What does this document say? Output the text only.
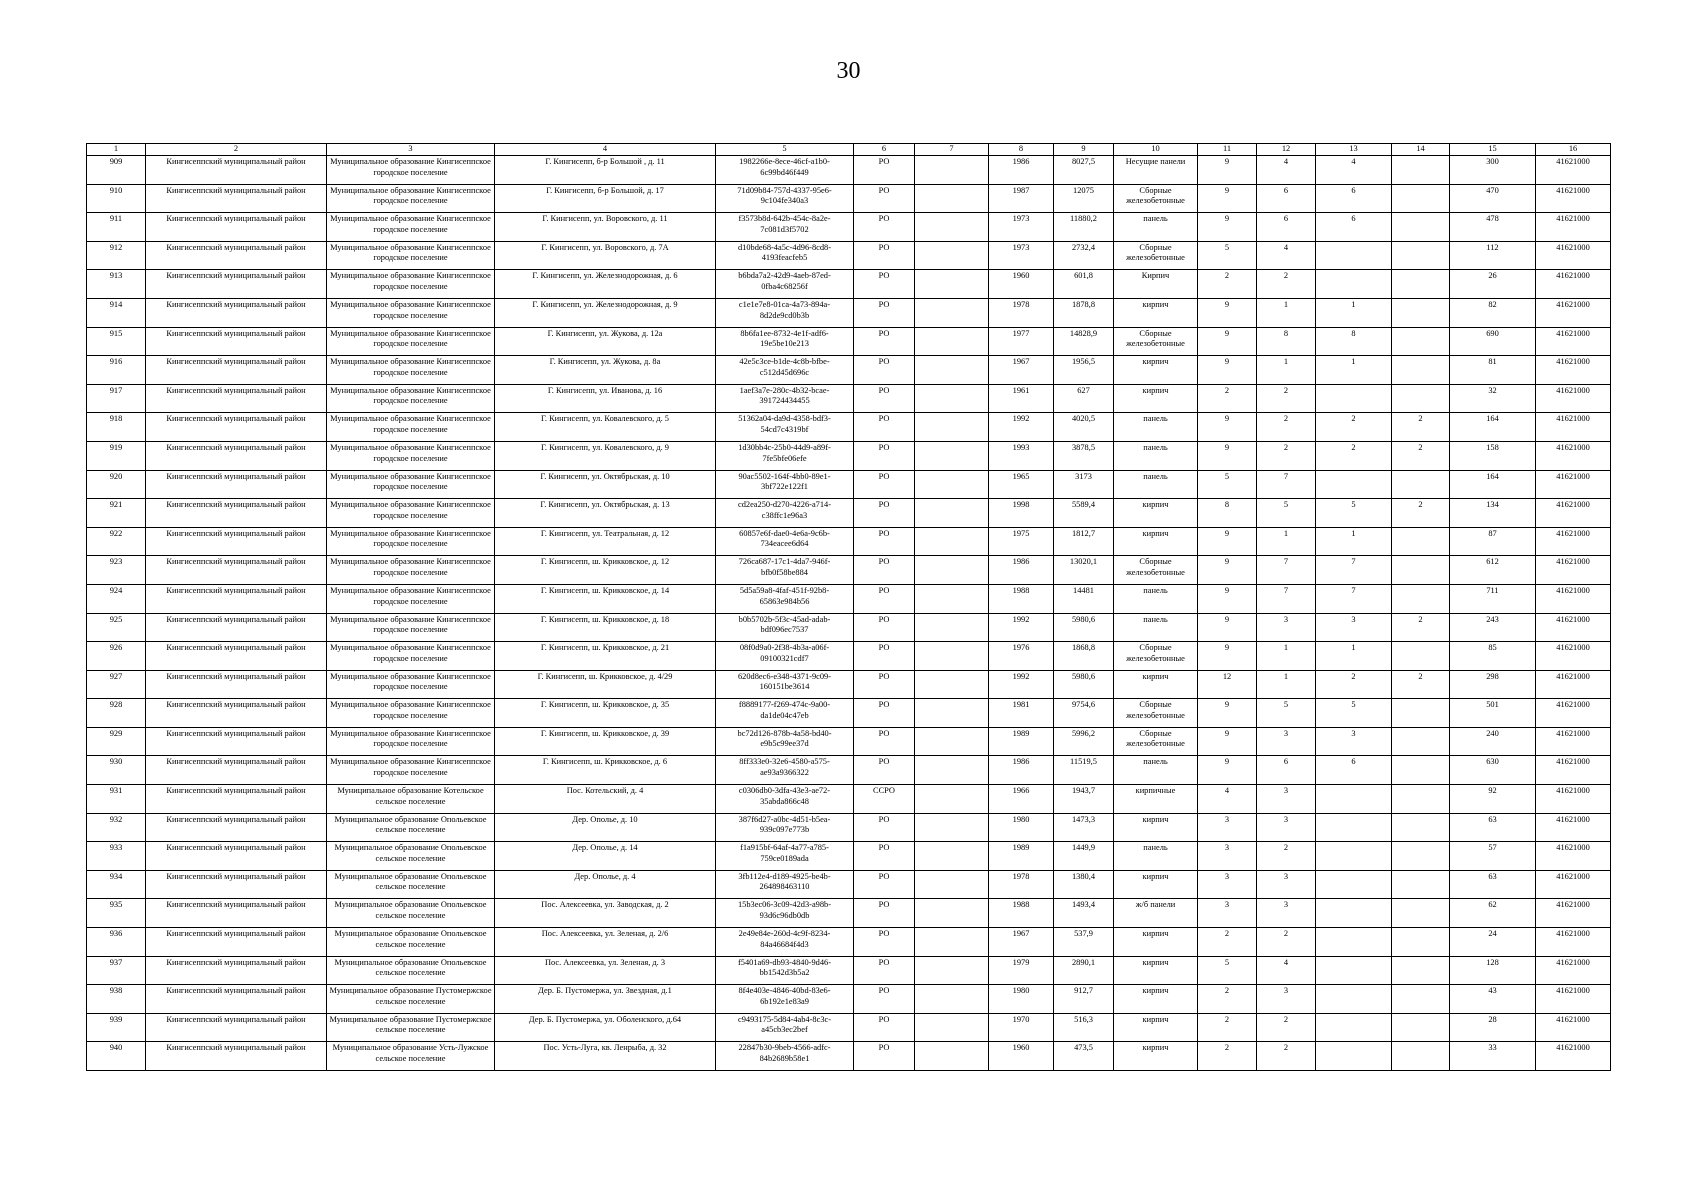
30
1	2	3	4	5	6	7	8	9	10	11	12	13	14	15	16
909	Кингисеппский муниципальный район	Муниципальное образование Кингисеппское городское поселение	Г. Кингисепп, б-р Большой , д. 11	1982266e-8ece-46cf-a1b0-6c99bd46f449	РО		1986	8027,5	Несущие панели	9	4	4		300	41621000
910	Кингисеппский муниципальный район	Муниципальное образование Кингисеппское городское поселение	Г. Кингисепп, б-р Большой, д. 17	71d09b84-757d-4337-95e6-9c104fe340a3	РО		1987	12075	Сборные железобетонные	9	6	6		470	41621000
911	Кингисеппский муниципальный район	Муниципальное образование Кингисеппское городское поселение	Г. Кингисепп, ул. Воровского, д. 11	f3573b8d-642b-454c-8a2e-7c081d3f5702	РО		1973	11880,2	панель	9	6	6		478	41621000
912	Кингисеппский муниципальный район	Муниципальное образование Кингисеппское городское поселение	Г. Кингисепп, ул. Воровского, д. 7А	d10bde68-4a5c-4d96-8cd8-4193feacfeb5	РО		1973	2732,4	Сборные железобетонные	5	4			112	41621000
913	Кингисеппский муниципальный район	Муниципальное образование Кингисеппское городское поселение	Г. Кингисепп, ул. Железнодорожная, д. 6	b6bda7a2-42d9-4aeb-87ed-0fba4c68256f	РО		1960	601,8	Кирпич	2	2			26	41621000
914	Кингисеппский муниципальный район	Муниципальное образование Кингисеппское городское поселение	Г. Кингисепп, ул. Железнодорожная, д. 9	c1e1e7e8-01ca-4a73-894a-8d2de9cd0b3b	РО		1978	1878,8	кирпич	9	1	1		82	41621000
915	Кингисеппский муниципальный район	Муниципальное образование Кингисеппское городское поселение	Г. Кингисепп, ул. Жукова, д. 12а	8b6fa1ee-8732-4e1f-adf6-19e5be10e213	РО		1977	14828,9	Сборные железобетонные	9	8	8		690	41621000
916	Кингисеппский муниципальный район	Муниципальное образование Кингисеппское городское поселение	Г. Кингисепп, ул. Жукова, д. 8а	42e5c3ce-b1de-4c8b-bfbe-c512d45d696c	РО		1967	1956,5	кирпич	9	1	1		81	41621000
917	Кингисеппский муниципальный район	Муниципальное образование Кингисеппское городское поселение	Г. Кингисепп, ул. Иванова, д. 16	1aef3a7e-280c-4b32-bcae-391724434455	РО		1961	627	кирпич	2	2			32	41621000
918	Кингисеппский муниципальный район	Муниципальное образование Кингисеппское городское поселение	Г. Кингисепп, ул. Ковалевского, д. 5	51362a04-da9d-4358-bdf3-54cd7c4319bf	РО		1992	4020,5	панель	9	2	2	2	164	41621000
919	Кингисеппский муниципальный район	Муниципальное образование Кингисеппское городское поселение	Г. Кингисепп, ул. Ковалевского, д. 9	1d30bb4c-25b0-44d9-a89f-7fe5bfe06efe	РО		1993	3878,5	панель	9	2	2	2	158	41621000
920	Кингисеппский муниципальный район	Муниципальное образование Кингисеппское городское поселение	Г. Кингисепп, ул. Октябрьская, д. 10	90ac5502-164f-4bb0-89e1-3bf722e122f1	РО		1965	3173	панель	5	7			164	41621000
921	Кингисеппский муниципальный район	Муниципальное образование Кингисеппское городское поселение	Г. Кингисепп, ул. Октябрьская, д. 13	cd2ea250-d270-4226-a714-c38ffc1e96a3	РО		1998	5589,4	кирпич	8	5	5	2	134	41621000
922	Кингисеппский муниципальный район	Муниципальное образование Кингисеппское городское поселение	Г. Кингисепп, ул. Театральная, д. 12	60857e6f-dae0-4e6a-9c6b-734eacee6d64	РО		1975	1812,7	кирпич	9	1	1		87	41621000
923	Кингисеппский муниципальный район	Муниципальное образование Кингисеппское городское поселение	Г. Кингисепп, ш. Крикковское, д. 12	726ca687-17c1-4da7-946f-bfb0f58be884	РО		1986	13020,1	Сборные железобетонные	9	7	7		612	41621000
924	Кингисеппский муниципальный район	Муниципальное образование Кингисеппское городское поселение	Г. Кингисепп, ш. Крикковское, д. 14	5d5a59a8-4faf-451f-92b8-65863e984b56	РО		1988	14481	панель	9	7	7		711	41621000
925	Кингисеппский муниципальный район	Муниципальное образование Кингисеппское городское поселение	Г. Кингисепп, ш. Крикковское, д. 18	b0b5702b-5f3c-45ad-adab-bdf096ec7537	РО		1992	5980,6	панель	9	3	3	2	243	41621000
926	Кингисеппский муниципальный район	Муниципальное образование Кингисеппское городское поселение	Г. Кингисепп, ш. Крикковское, д. 21	08f0d9a0-2f38-4b3a-a06f-09100321cdf7	РО		1976	1868,8	Сборные железобетонные	9	1	1		85	41621000
927	Кингисеппский муниципальный район	Муниципальное образование Кингисеппское городское поселение	Г. Кингисепп, ш. Крикковское, д. 4/29	620d8ec6-e348-4371-9c09-160151be3614	РО		1992	5980,6	кирпич	12	1	2	2	298	41621000
928	Кингисеппский муниципальный район	Муниципальное образование Кингисеппское городское поселение	Г. Кингисепп, ш. Крикковское, д. 35	f8889177-f269-474c-9a00-da1de04c47eb	РО		1981	9754,6	Сборные железобетонные	9	5	5		501	41621000
929	Кингисеппский муниципальный район	Муниципальное образование Кингисеппское городское поселение	Г. Кингисепп, ш. Крикковское, д. 39	bc72d126-878b-4a58-bd40-e9b5c99ee37d	РО		1989	5996,2	Сборные железобетонные	9	3	3		240	41621000
930	Кингисеппский муниципальный район	Муниципальное образование Кингисеппское городское поселение	Г. Кингисепп, ш. Крикковское, д. 6	8ff333e0-32e6-4580-a575-ae93a9366322	РО		1986	11519,5	панель	9	6	6		630	41621000
931	Кингисеппский муниципальный район	Муниципальное образование Котельское сельское поселение	Пос. Котельский, д. 4	c0306db0-3dfa-43e3-ae72-35abda866c48	СCРО		1966	1943,7	кирпичные	4	3			92	41621000
932	Кингисеппский муниципальный район	Муниципальное образование Опольевское сельское поселение	Дер. Ополье, д. 10	387f6d27-a0bc-4d51-b5ea-939c097e773b	РО		1980	1473,3	кирпич	3	3			63	41621000
933	Кингисеппский муниципальный район	Муниципальное образование Опольевское сельское поселение	Дер. Ополье, д. 14	f1a915bf-64af-4a77-a785-759ce0189ada	РО		1989	1449,9	панель	3	2			57	41621000
934	Кингисеппский муниципальный район	Муниципальное образование Опольевское сельское поселение	Дер. Ополье, д. 4	3fb112e4-d189-4925-be4b-264898463110	РО		1978	1380,4	кирпич	3	3			63	41621000
935	Кингисеппский муниципальный район	Муниципальное образование Опольевское сельское поселение	Пос. Алексеевка, ул. Заводская, д. 2	15b3ec06-3c09-42d3-a98b-93d6c96db0db	РО		1988	1493,4	ж/б панели	3	3			62	41621000
936	Кингисеппский муниципальный район	Муниципальное образование Опольевское сельское поселение	Пос. Алексеевка, ул. Зеленая, д. 2/6	2e49e84e-260d-4c9f-8234-84a46684f4d3	РО		1967	537,9	кирпич	2	2			24	41621000
937	Кингисеппский муниципальный район	Муниципальное образование Опольевское сельское поселение	Пос. Алексеевка, ул. Зеленая, д. 3	f5401a69-db93-4840-9d46-bb1542d3b5a2	РО		1979	2890,1	кирпич	5	4			128	41621000
938	Кингисеппский муниципальный район	Муниципальное образование Пустомержское сельское поселение	Дер. Б. Пустомержа, ул. Звездная, д.1	8f4e403e-4846-40bd-83e6-6b192e1e83a9	РО		1980	912,7	кирпич	2	3			43	41621000
939	Кингисеппский муниципальный район	Муниципальное образование Пустомержское сельское поселение	Дер. Б. Пустомержа, ул. Оболенского, д.64	c9493175-5d84-4ab4-8c3c-a45cb3ec2bef	РО		1970	516,3	кирпич	2	2			28	41621000
940	Кингисеппский муниципальный район	Муниципальное образование Усть-Лужское сельское поселение	Пос. Усть-Луга, кв. Ленрыба, д. 32	22847b30-9beb-4566-adfc-84b2689b58e1	РО		1960	473,5	кирпич	2	2			33	41621000
